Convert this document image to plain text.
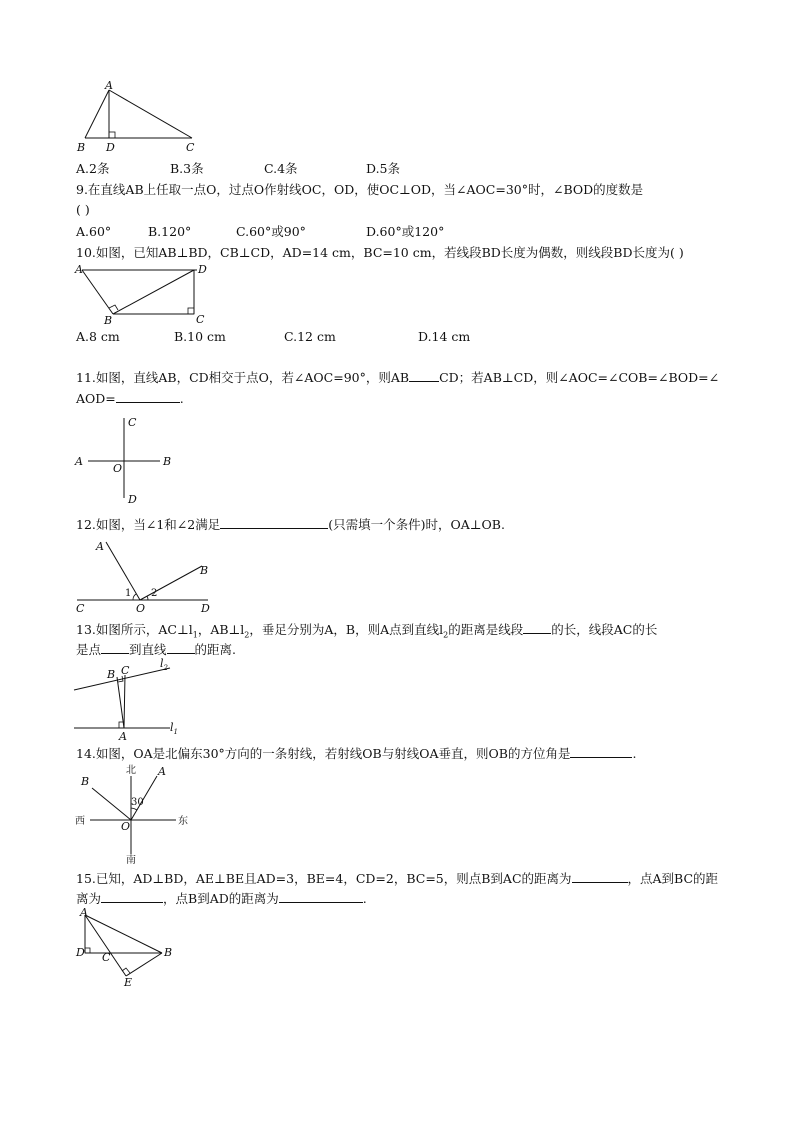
A
B D	C
A.2条	B.3条	C.4条	D.5条
9.在直线AB上任取一点O，过点O作射线OC，OD，使OC⊥OD，当∠AOC=30°时，∠BOD的度数是
( )
A.60°	B.120°	C.60°或90°	D.60°或120°
10.如图，已知AB⊥BD，CB⊥CD，AD=14 cm，BC=10 cm，若线段BD长度为偶数，则线段BD长度为( )
A	D
B	C
A.8 cm	B.10 cm	C.12 cm	D.14 cm
11.如图，直线AB，CD相交于点O，若∠AOC=90°，则AB CD；若AB⊥CD，则∠AOC=∠COB=∠BOD=∠
AOD=	.
A	B
C
D
O
12.如图，当∠1和∠2满足	(只需填一个条件)时，OA⊥OB.
A
B
C	D
O
1 2
13.如图所示，$AC\perp l_1$，$AB\perp l_2$，垂足分别为A，B，则A点到直线$l_2$的距离是线段 的长，线段AC的长
是点 到直线 的距离.
B C
A
$l_2$
$l_1$
14.如图，OA是北偏东30°方向的一条射线，若射线OB与射线OA垂直，则OB的方位角是	.
北
南
西	东
A
B
O
30
15.已知，AD⊥BD，AE⊥BE且AD=3，BE=4，CD=2，BC=5，则点B到AC的距离为	，点A到BC的距
离为	，点B到AD的距离为	.
A
D C	B
E
